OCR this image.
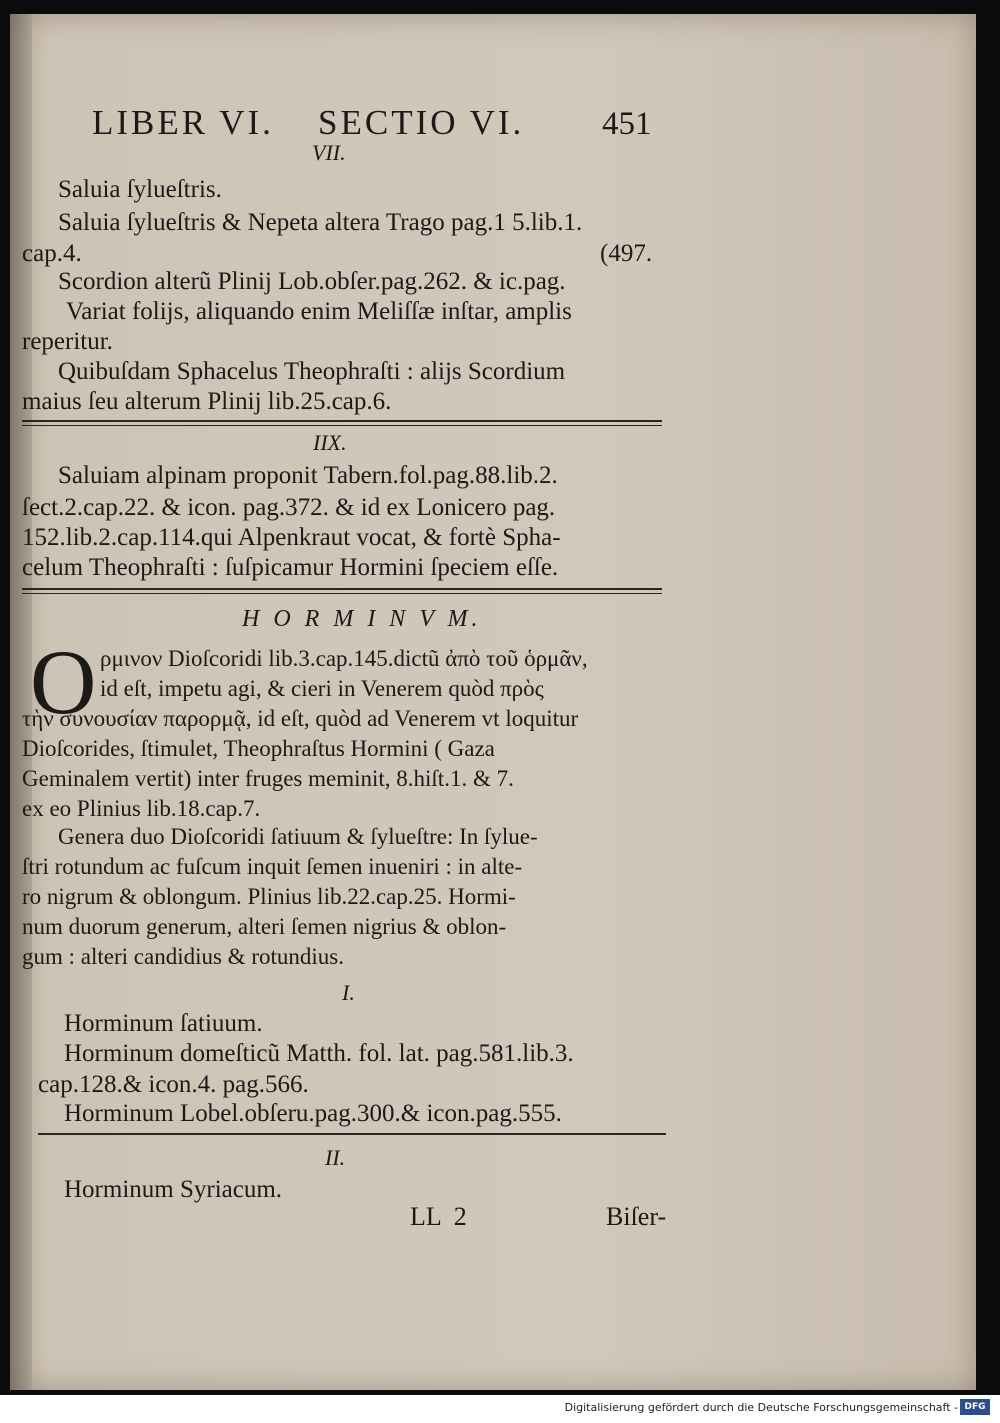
LIBER VI. SECTIO VI. 451
VII.
Saluia ſylueſtris.
Saluia ſylueſtris & Nepeta altera Trago pag.1 5.lib.1.
cap.4.	(497.
Scordion alterũ Plinij Lob.obſer.pag.262. & ic.pag.
Variat folijs, aliquando enim Meliſſæ inſtar, amplis
reperitur.
Quibuſdam Sphacelus Theophraſti : alijs Scordium
maius ſeu alterum Plinij lib.25.cap.6.
IIX.
Saluiam alpinam proponit Tabern.fol.pag.88.lib.2.
ſect.2.cap.22. & icon. pag.372. & id ex Lonicero pag.
152.lib.2.cap.114.qui Alpenkraut vocat, & fortè Spha-
celum Theophraſti : ſuſpicamur Hormini ſpeciem eſſe.
H O R M I N V M.
O ρμινον Dioſcoridi lib.3.cap.145.dictũ ἀπὸ τοῦ ὁρμᾶν,
id eſt, impetu agi, & cieri in Venerem quòd πρὸς
τὴν συνουσίαν παρορμᾷ, id eſt, quòd ad Venerem vt loquitur
Dioſcorides, ſtimulet, Theophraſtus Hormini ( Gaza
Geminalem vertit) inter fruges meminit, 8.hiſt.1. & 7.
ex eo Plinius lib.18.cap.7.
Genera duo Dioſcoridi ſatiuum & ſylueſtre: In ſylue-
ſtri rotundum ac fuſcum inquit ſemen inueniri : in alte-
ro nigrum & oblongum. Plinius lib.22.cap.25. Hormi-
num duorum generum, alteri ſemen nigrius & oblon-
gum : alteri candidius & rotundius.
I.
Horminum ſatiuum.
Horminum domeſticũ Matth. fol. lat. pag.581.lib.3.
cap.128.& icon.4. pag.566.
Horminum Lobel.obſeru.pag.300.& icon.pag.555.
II.
Horminum Syriacum.
LL  2	Biſer-
Digitalisierung gefördert durch die Deutsche Forschungsgemeinschaft - DFG
